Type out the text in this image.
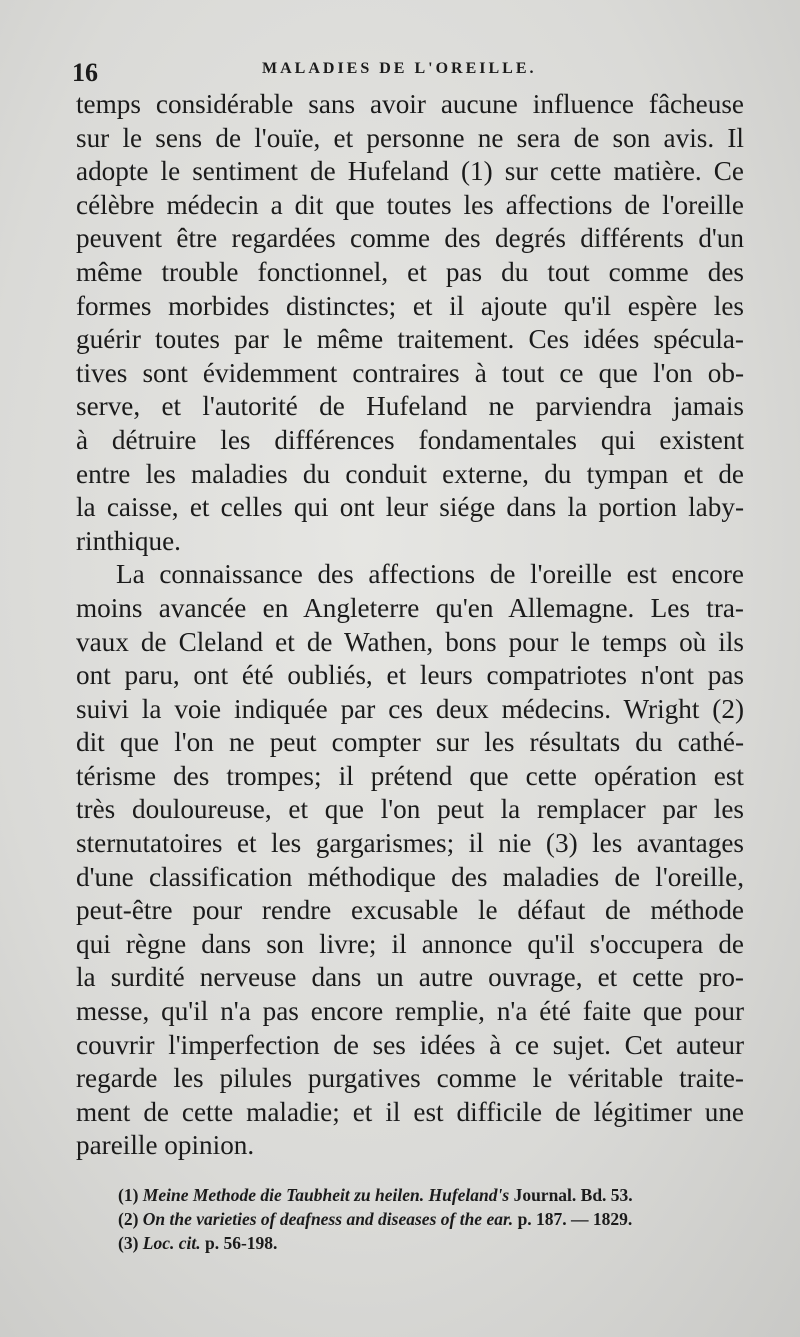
16	MALADIES DE L'OREILLE.
temps considérable sans avoir aucune influence fâcheuse
sur le sens de l'ouïe, et personne ne sera de son avis. Il
adopte le sentiment de Hufeland (1) sur cette matière. Ce
célèbre médecin a dit que toutes les affections de l'oreille
peuvent être regardées comme des degrés différents d'un
même trouble fonctionnel, et pas du tout comme des
formes morbides distinctes; et il ajoute qu'il espère les
guérir toutes par le même traitement. Ces idées spécula-
tives sont évidemment contraires à tout ce que l'on ob-
serve, et l'autorité de Hufeland ne parviendra jamais
à détruire les différences fondamentales qui existent
entre les maladies du conduit externe, du tympan et de
la caisse, et celles qui ont leur siége dans la portion laby-
rinthique.
La connaissance des affections de l'oreille est encore
moins avancée en Angleterre qu'en Allemagne. Les tra-
vaux de Cleland et de Wathen, bons pour le temps où ils
ont paru, ont été oubliés, et leurs compatriotes n'ont pas
suivi la voie indiquée par ces deux médecins. Wright (2)
dit que l'on ne peut compter sur les résultats du cathé-
térisme des trompes; il prétend que cette opération est
très douloureuse, et que l'on peut la remplacer par les
sternutatoires et les gargarismes; il nie (3) les avantages
d'une classification méthodique des maladies de l'oreille,
peut-être pour rendre excusable le défaut de méthode
qui règne dans son livre; il annonce qu'il s'occupera de
la surdité nerveuse dans un autre ouvrage, et cette pro-
messe, qu'il n'a pas encore remplie, n'a été faite que pour
couvrir l'imperfection de ses idées à ce sujet. Cet auteur
regarde les pilules purgatives comme le véritable traite-
ment de cette maladie; et il est difficile de légitimer une
pareille opinion.
(1) Meine Methode die Taubheit zu heilen. Hufeland's Journal. Bd. 53.
(2) On the varieties of deafness and diseases of the ear. p. 187. — 1829.
(3) Loc. cit. p. 56-198.
